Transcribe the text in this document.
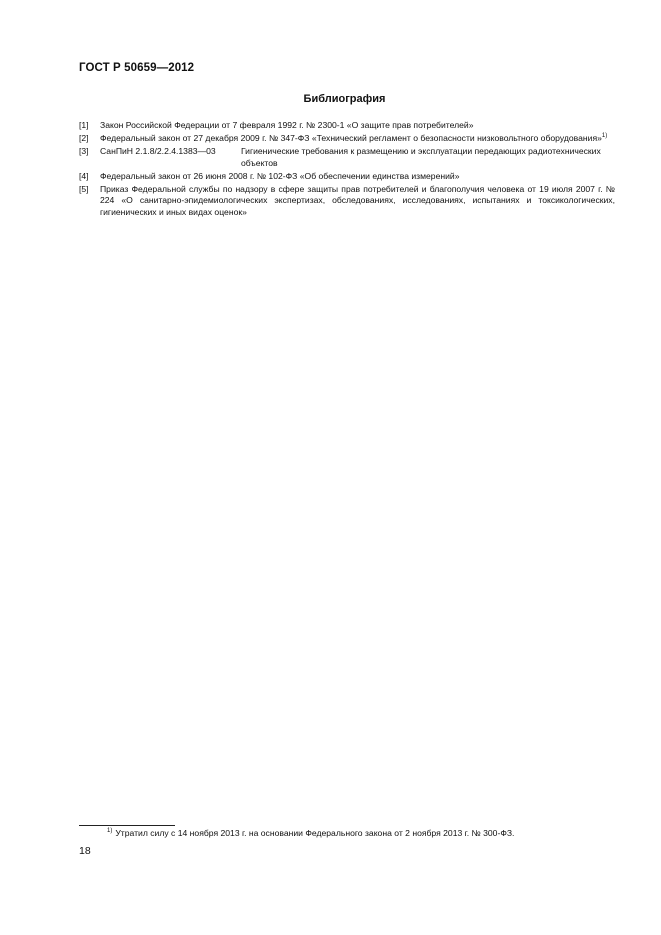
ГОСТ Р 50659—2012
Библиография
[1]	Закон Российской Федерации от 7 февраля 1992 г. № 2300-1 «О защите прав потребителей»
[2]	Федеральный закон от 27 декабря 2009 г. № 347-ФЗ «Технический регламент о безопасности низковольтного оборудования»$^{1)}$
[3]	СанПиН 2.1.8/2.2.4.1383—03	Гигиенические требования к размещению и эксплуатации передающих радиотехнических объектов
[4]	Федеральный закон от 26 июня 2008 г. № 102-ФЗ «Об обеспечении единства измерений»
[5]	Приказ Федеральной службы по надзору в сфере защиты прав потребителей и благополучия человека от 19 июля 2007 г. № 224 «О санитарно-эпидемиологических экспертизах, обследованиях, исследованиях, испытаниях и токсикологических, гигиенических и иных видах оценок»
$^{1)}$ Утратил силу с 14 ноября 2013 г. на основании Федерального закона от 2 ноября 2013 г. № 300-ФЗ.
18
